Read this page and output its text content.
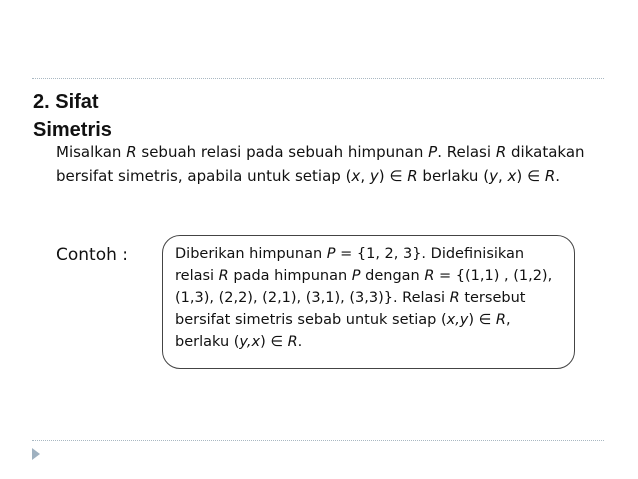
2. Sifat
Simetris

Misalkan R sebuah relasi pada sebuah himpunan P. Relasi R dikatakan bersifat simetris, apabila untuk setiap (x, y) ∈ R berlaku (y, x) ∈ R.

Contoh :	Diberikan himpunan P = {1, 2, 3}. Didefinisikan relasi R pada himpunan P dengan R = {(1,1) , (1,2), (1,3), (2,2), (2,1), (3,1), (3,3)}. Relasi R tersebut bersifat simetris sebab untuk setiap (x,y) ∈ R, berlaku (y,x) ∈ R.
